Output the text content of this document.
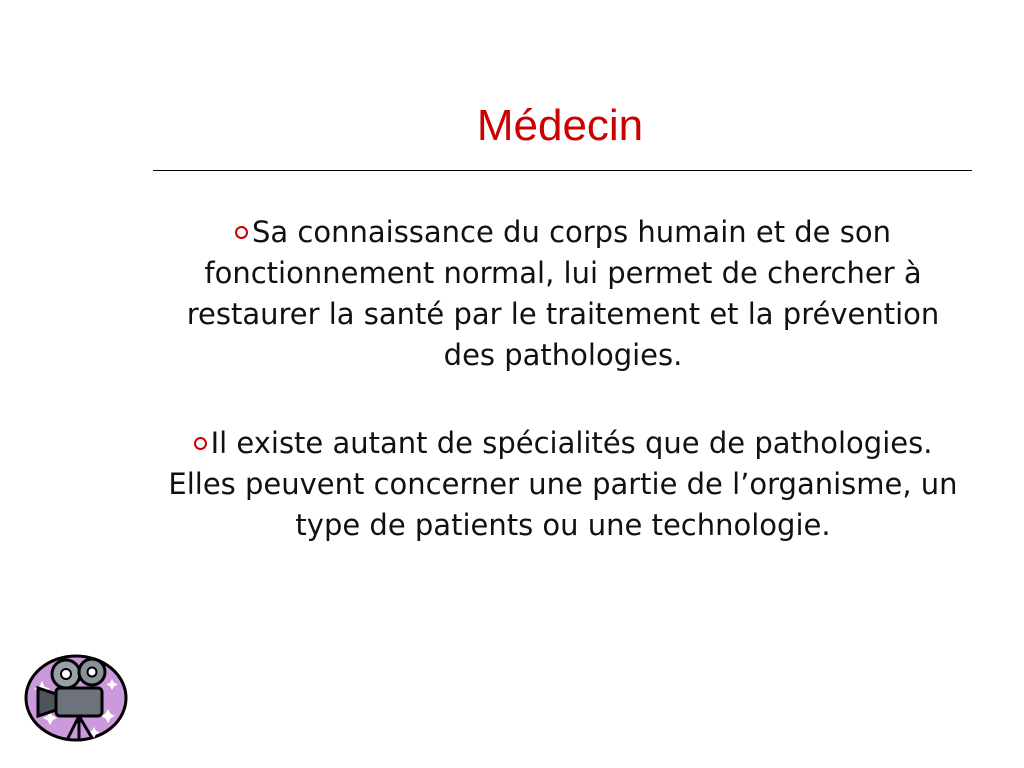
Médecin

Sa connaissance du corps humain et de son fonctionnement normal, lui permet de chercher à restaurer la santé par le traitement et la prévention des pathologies.

Il existe autant de spécialités que de pathologies. Elles peuvent concerner une partie de l’organisme, un type de patients ou une technologie.
